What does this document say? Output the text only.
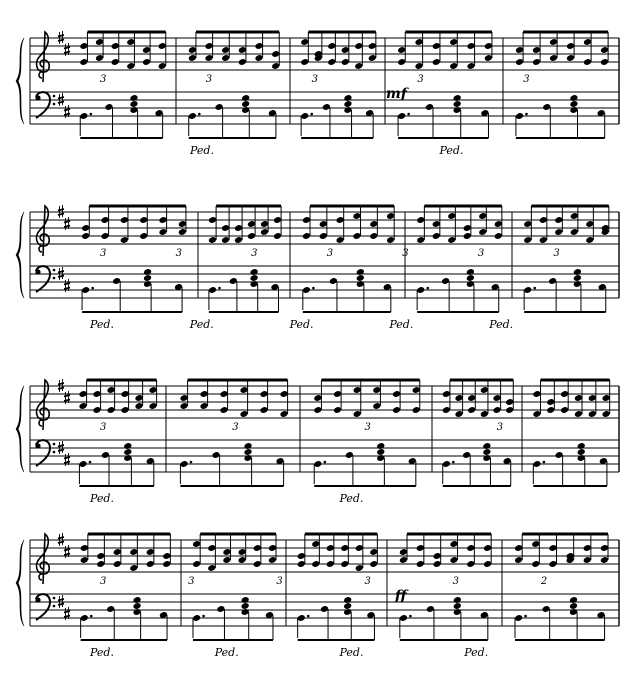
3	3	3	3	3
Ped.	Ped.
mf
3	3	3	3	3	3	3
Ped.	Ped.	Ped.	Ped.	Ped.
3	3	3	3
Ped.	Ped.
3	3	3	3	3	2
Ped.	Ped.	Ped.	Ped.
ff
